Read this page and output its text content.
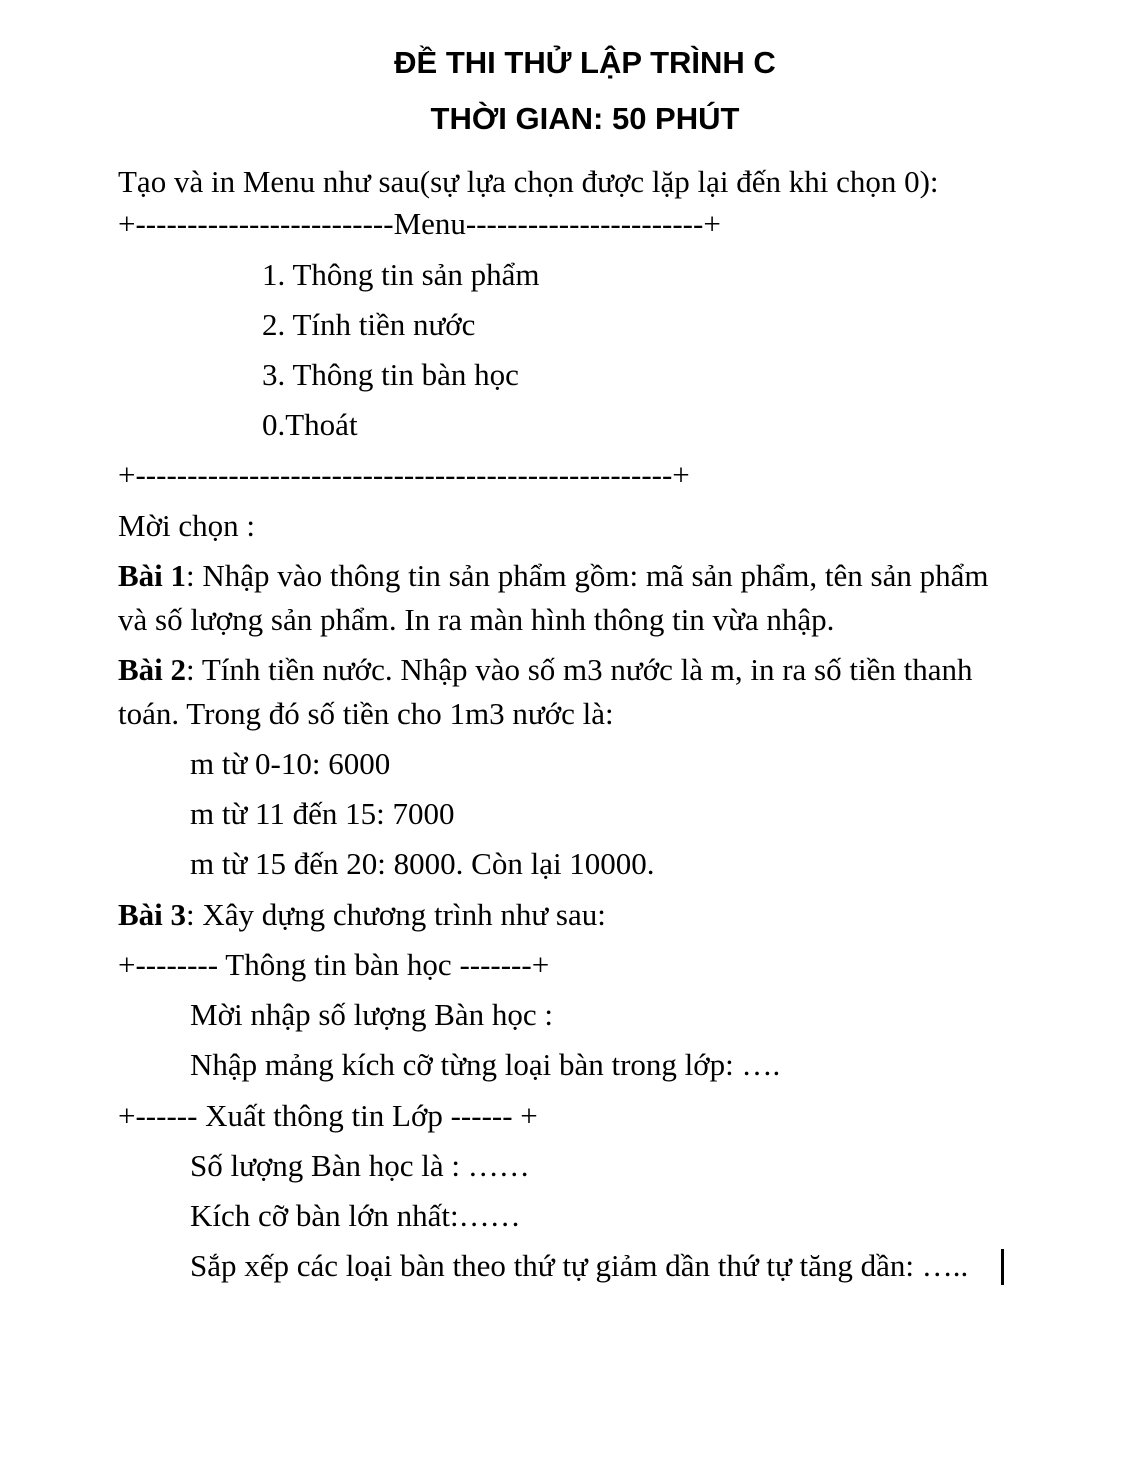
ĐỀ THI THỬ LẬP TRÌNH C
THỜI GIAN: 50 PHÚT
Tạo và in Menu như sau(sự lựa chọn được lặp lại đến khi chọn 0):
+-------------------------Menu-----------------------+
1. Thông tin sản phẩm
2. Tính tiền nước
3. Thông tin bàn học
0.Thoát
+----------------------------------------------------+
Mời chọn :
Bài 1: Nhập vào thông tin sản phẩm gồm: mã sản phẩm, tên sản phẩm
và số lượng sản phẩm. In ra màn hình thông tin vừa nhập.
Bài 2: Tính tiền nước. Nhập vào số m3 nước là m, in ra số tiền thanh
toán. Trong đó số tiền cho 1m3 nước là:
m từ 0-10: 6000
m từ 11 đến 15: 7000
m từ 15 đến 20: 8000. Còn lại 10000.
Bài 3: Xây dựng chương trình như sau:
+-------- Thông tin bàn học -------+
Mời nhập số lượng Bàn học :
Nhập mảng kích cỡ từng loại bàn trong lớp: ….
+------ Xuất thông tin Lớp ------ +
Số lượng Bàn học là : ……
Kích cỡ bàn lớn nhất:……
Sắp xếp các loại bàn theo thứ tự giảm dần thứ tự tăng dần: …..
